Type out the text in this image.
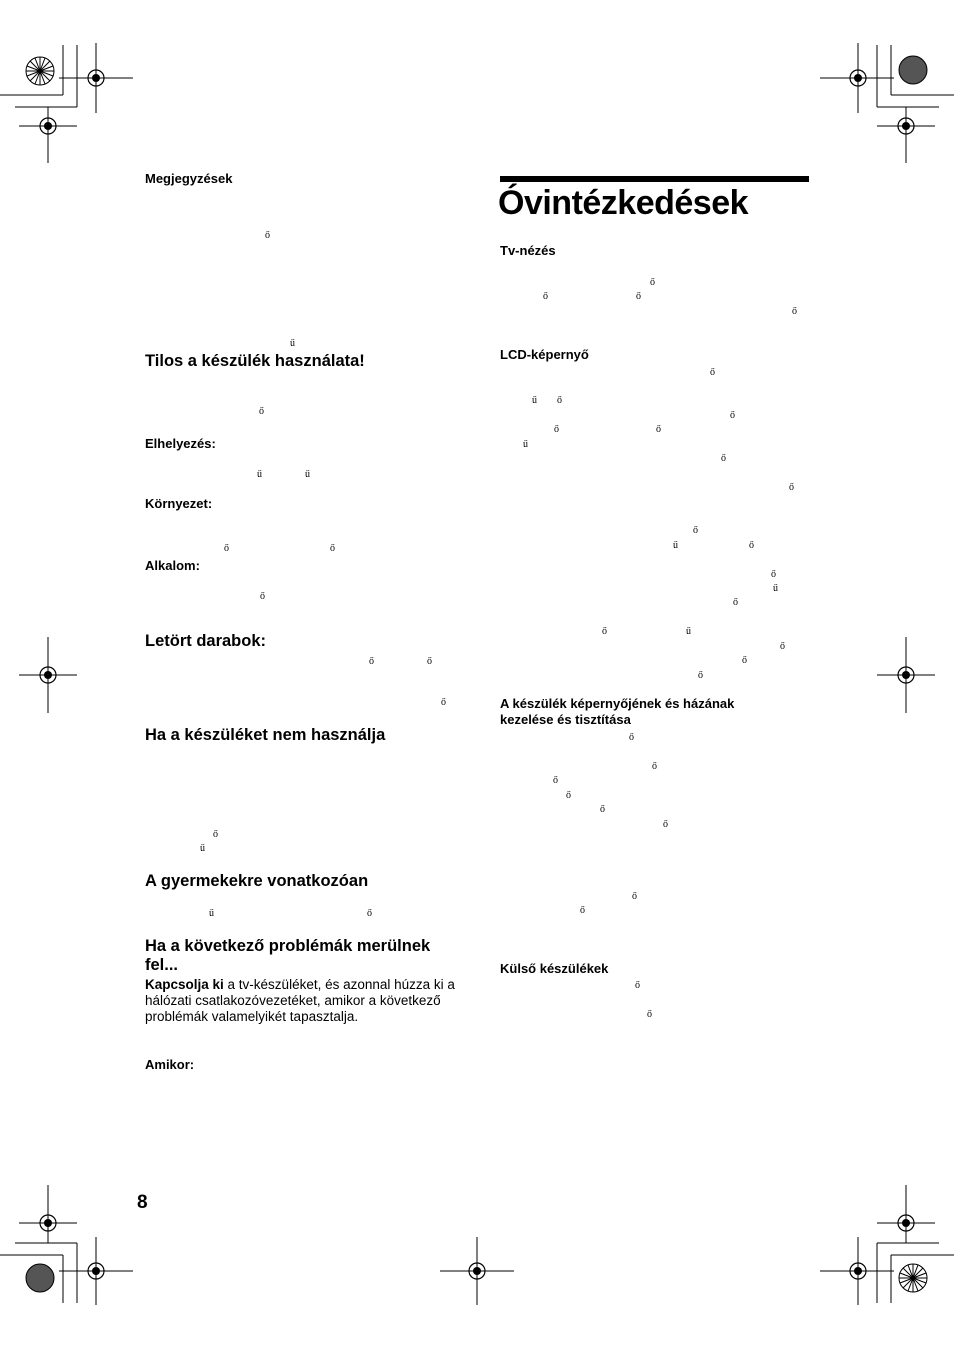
Megjegyzések
Tilos a készülék használata!
Elhelyezés:
Környezet:
Alkalom:
Letört darabok:
Ha a készüléket nem használja
A gyermekekre vonatkozóan
Ha a következő problémák merülnek fel...
Kapcsolja ki a tv-készüléket, és azonnal húzza ki a hálózati csatlakozóvezetéket, amikor a következő problémák valamelyikét tapasztalja.
Amikor:
Óvintézkedések
Tv-nézés
LCD-képernyő
A készülék képernyőjének és házának kezelése és tisztítása
Külső készülékek
8
ő
ű
ő
ű	ű
ő	ő
ő
ő	ő
ő
ő
ű
ű	ő
ő
ő	ő
ő
ő
ű ő
ő
ő	ő
ű
ő
ő
ő
ű	ő
ő
ű
ő
ő	ű
ő
ő
ő
ő
ő
ő
ő
ő
ő
ő
ő
ő
ő
